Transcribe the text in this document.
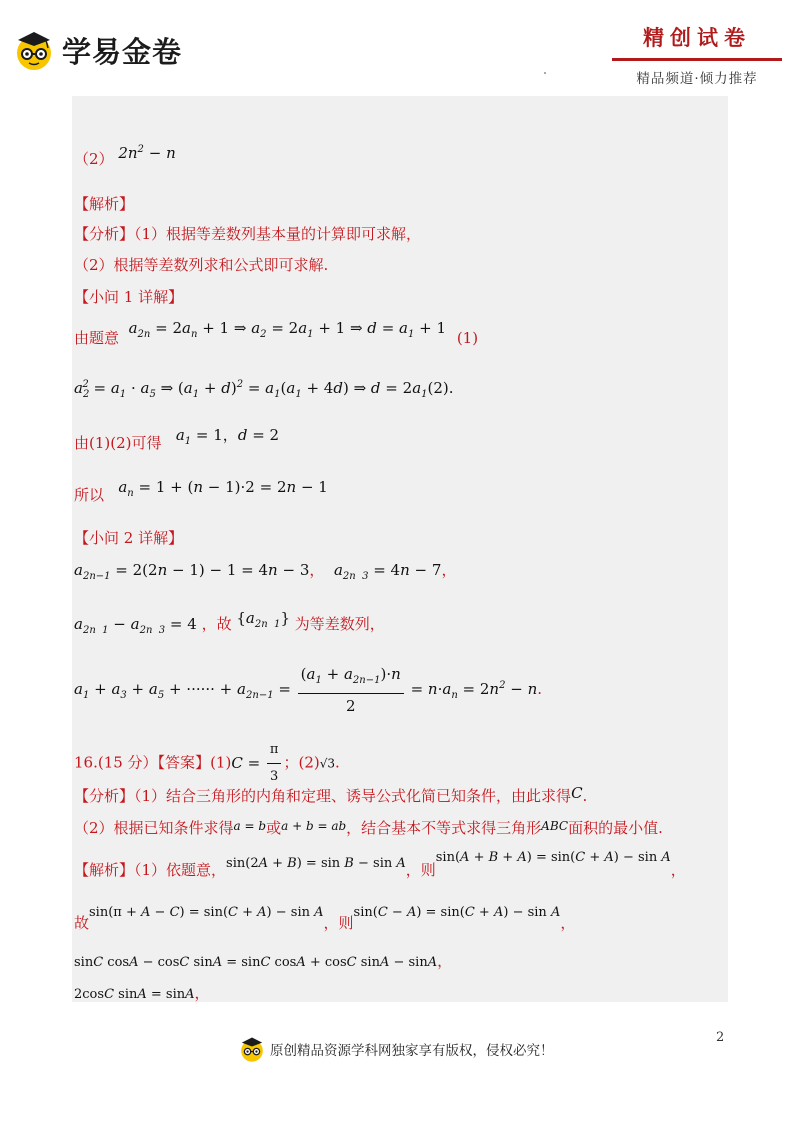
学易金卷	精创试卷
精品频道·倾力推荐
（2） $2n^2 - n$
【解析】
【分析】（1）根据等差数列基本量的计算即可求解，
（2）根据等差数列求和公式即可求解.
【小问 1 详解】
由题意  $a_{2n} = 2a_n + 1$ ⇒ $a_2 = 2a_1 + 1$ ⇒ $d = a_1 + 1$ (1)
$a_2^2 = a_1 \cdot a_5$ ⇒ $(a_1 + d)^2 = a_1(a_1 + 4d)$ ⇒ $d = 2a_1(2)$.
由(1)(2)可得 $a_1 = 1$，d = 2
所以 $a_n = 1 + (n - 1)\cdot 2 = 2n - 1$
【小问 2 详解】
$a_{2n-1} = 2(2n - 1) - 1 = 4n - 3$， $a_{2n 3} = 4n - 7$，
$a_{2n 1} - a_{2n 3} = 4$ ，故 $\{a_{2n 1}\}$ 为等差数列，
$a_1 + a_3 + a_5$ + ······ + $a_{2n-1} = \frac{(a_1 + a_{2n-1})\cdot n}{2} = n\cdot a_n = 2n^2 - n$.
16.(15 分）【答案】$(1)C = \frac{\pi}{3}$ ；(2)√3.
【分析】（1）结合三角形的内角和定理、诱导公式化简已知条件，由此求得C.
（2）根据已知条件求得$^{a = b}$或$^{a + b = ab}$，结合基本不等式求得三角形$^{ABC}$面积的最小值.
【解析】（1）依题意，sin(2A + B) = sin B − sin A，则sin(A + B + A) = sin(C + A) − sin A，
故sin(π + A − C) = sin(C + A) − sin A，则sin(C − A) = sin(C + A) − sin A，
sinC cosA − cosC sinA = sinC cosA + cosC sinA − sinA，
2cosC sinA = sinA，
2
原创精品资源学科网独家享有版权，侵权必究！
